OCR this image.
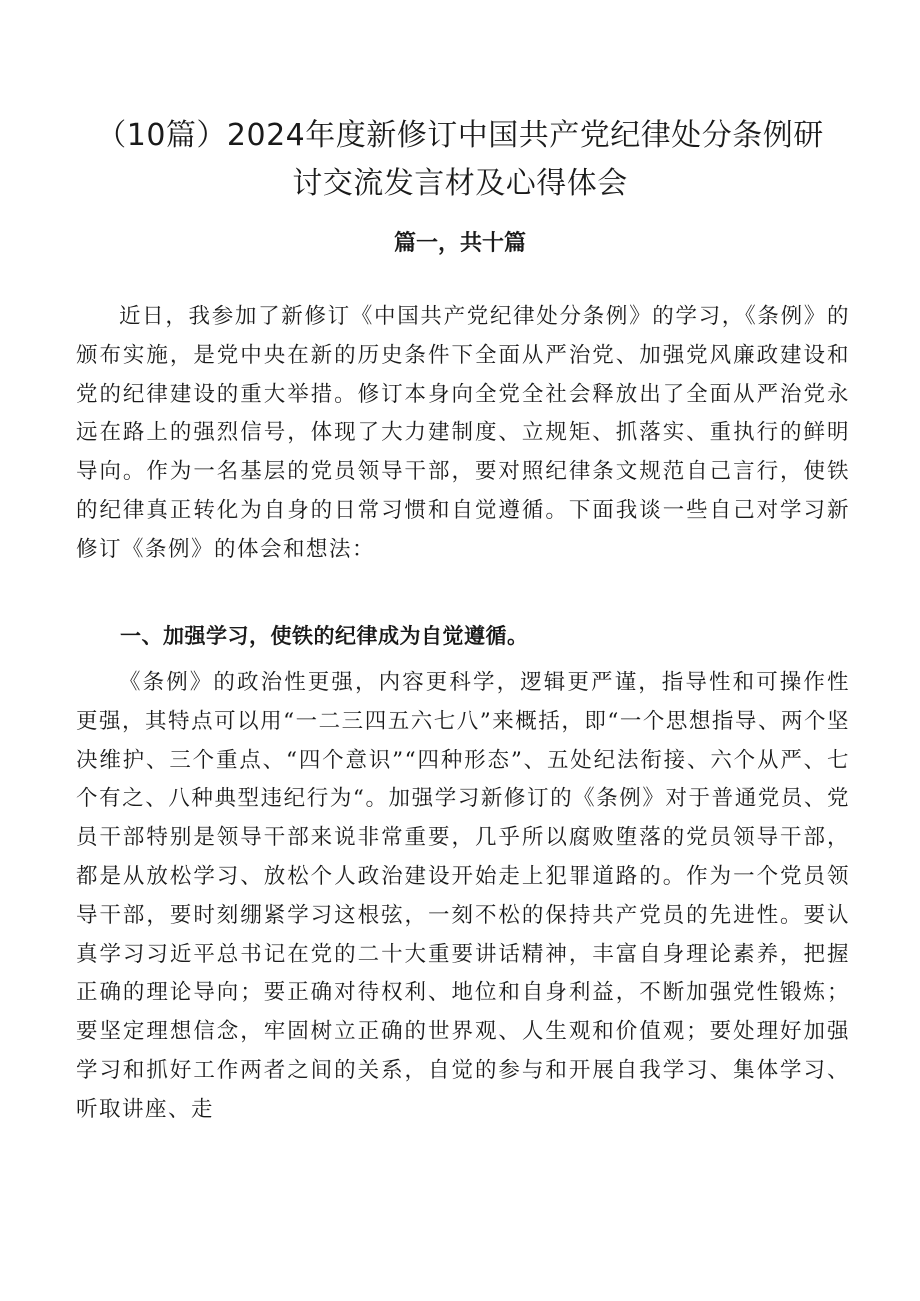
（10篇）2024年度新修订中国共产党纪律处分条例研
讨交流发言材及心得体会
篇一，共十篇

近日，我参加了新修订《中国共产党纪律处分条例》的学习，《条例》的颁布实施，是党中央在新的历史条件下全面从严治党、加强党风廉政建设和党的纪律建设的重大举措。修订本身向全党全社会释放出了全面从严治党永远在路上的强烈信号，体现了大力建制度、立规矩、抓落实、重执行的鲜明导向。作为一名基层的党员领导干部，要对照纪律条文规范自己言行，使铁的纪律真正转化为自身的日常习惯和自觉遵循。下面我谈一些自己对学习新修订《条例》的体会和想法：

一、加强学习，使铁的纪律成为自觉遵循。

《条例》的政治性更强，内容更科学，逻辑更严谨，指导性和可操作性更强，其特点可以用“一二三四五六七八”来概括，即“一个思想指导、两个坚决维护、三个重点、“四个意识”“四种形态”、五处纪法衔接、六个从严、七个有之、八种典型违纪行为“。加强学习新修订的《条例》对于普通党员、党员干部特别是领导干部来说非常重要，几乎所以腐败堕落的党员领导干部，都是从放松学习、放松个人政治建设开始走上犯罪道路的。作为一个党员领导干部，要时刻绷紧学习这根弦，一刻不松的保持共产党员的先进性。要认真学习习近平总书记在党的二十大重要讲话精神，丰富自身理论素养，把握正确的理论导向；要正确对待权利、地位和自身利益，不断加强党性锻炼；要坚定理想信念，牢固树立正确的世界观、人生观和价值观；要处理好加强学习和抓好工作两者之间的关系，自觉的参与和开展自我学习、集体学习、听取讲座、走
